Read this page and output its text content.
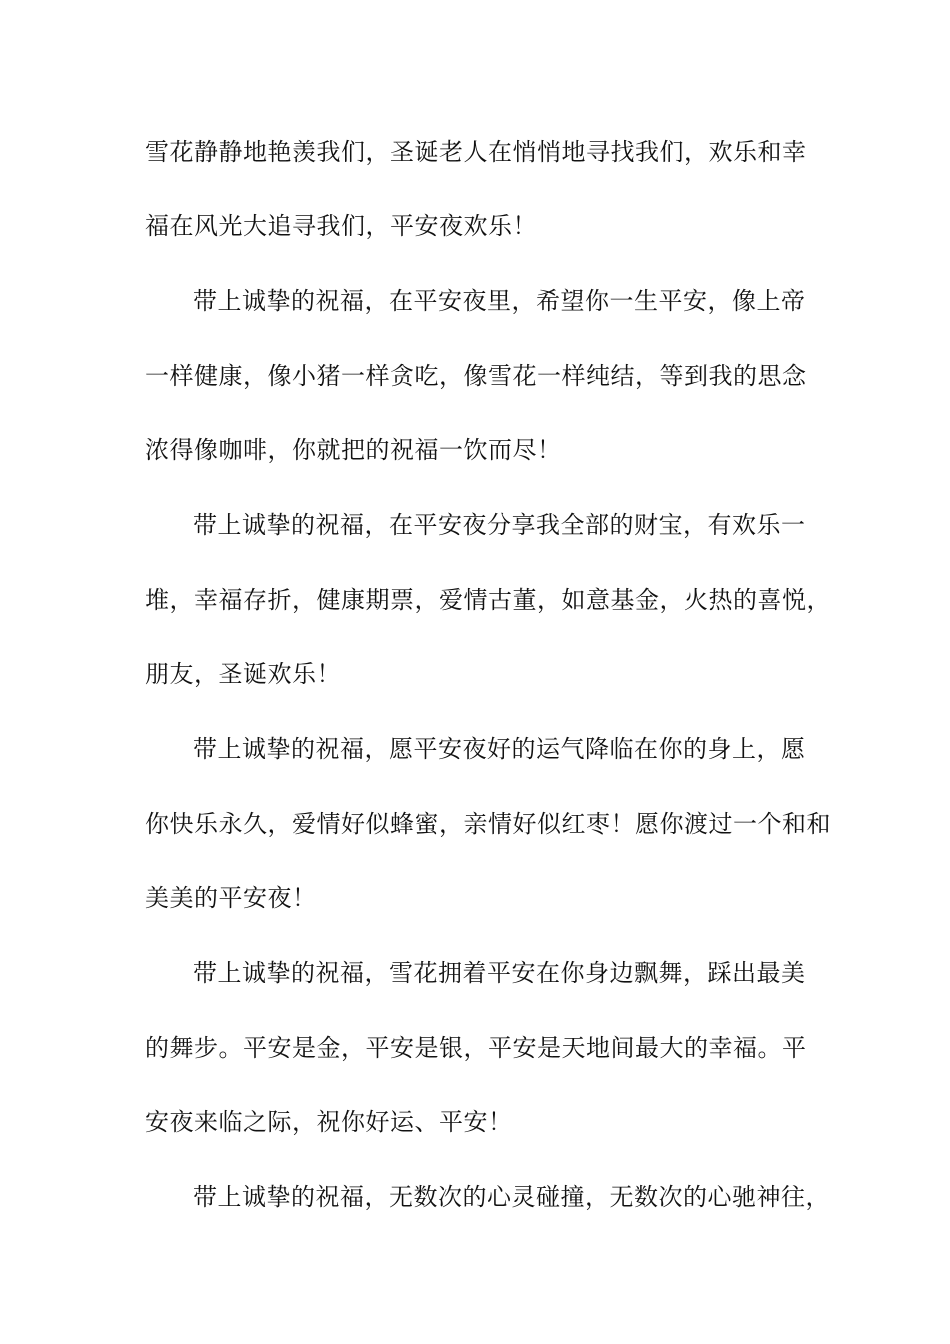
雪花静静地艳羡我们，圣诞老人在悄悄地寻找我们，欢乐和幸
福在风光大追寻我们，平安夜欢乐！
带上诚挚的祝福，在平安夜里，希望你一生平安，像上帝
一样健康，像小猪一样贪吃，像雪花一样纯结，等到我的思念
浓得像咖啡，你就把的祝福一饮而尽！
带上诚挚的祝福，在平安夜分享我全部的财宝，有欢乐一
堆，幸福存折，健康期票，爱情古董，如意基金，火热的喜悦，
朋友，圣诞欢乐！
带上诚挚的祝福，愿平安夜好的运气降临在你的身上，愿
你快乐永久，爱情好似蜂蜜，亲情好似红枣！愿你渡过一个和和
美美的平安夜！
带上诚挚的祝福，雪花拥着平安在你身边飘舞，踩出最美
的舞步。平安是金，平安是银，平安是天地间最大的幸福。平
安夜来临之际，祝你好运、平安！
带上诚挚的祝福，无数次的心灵碰撞，无数次的心驰神往，
